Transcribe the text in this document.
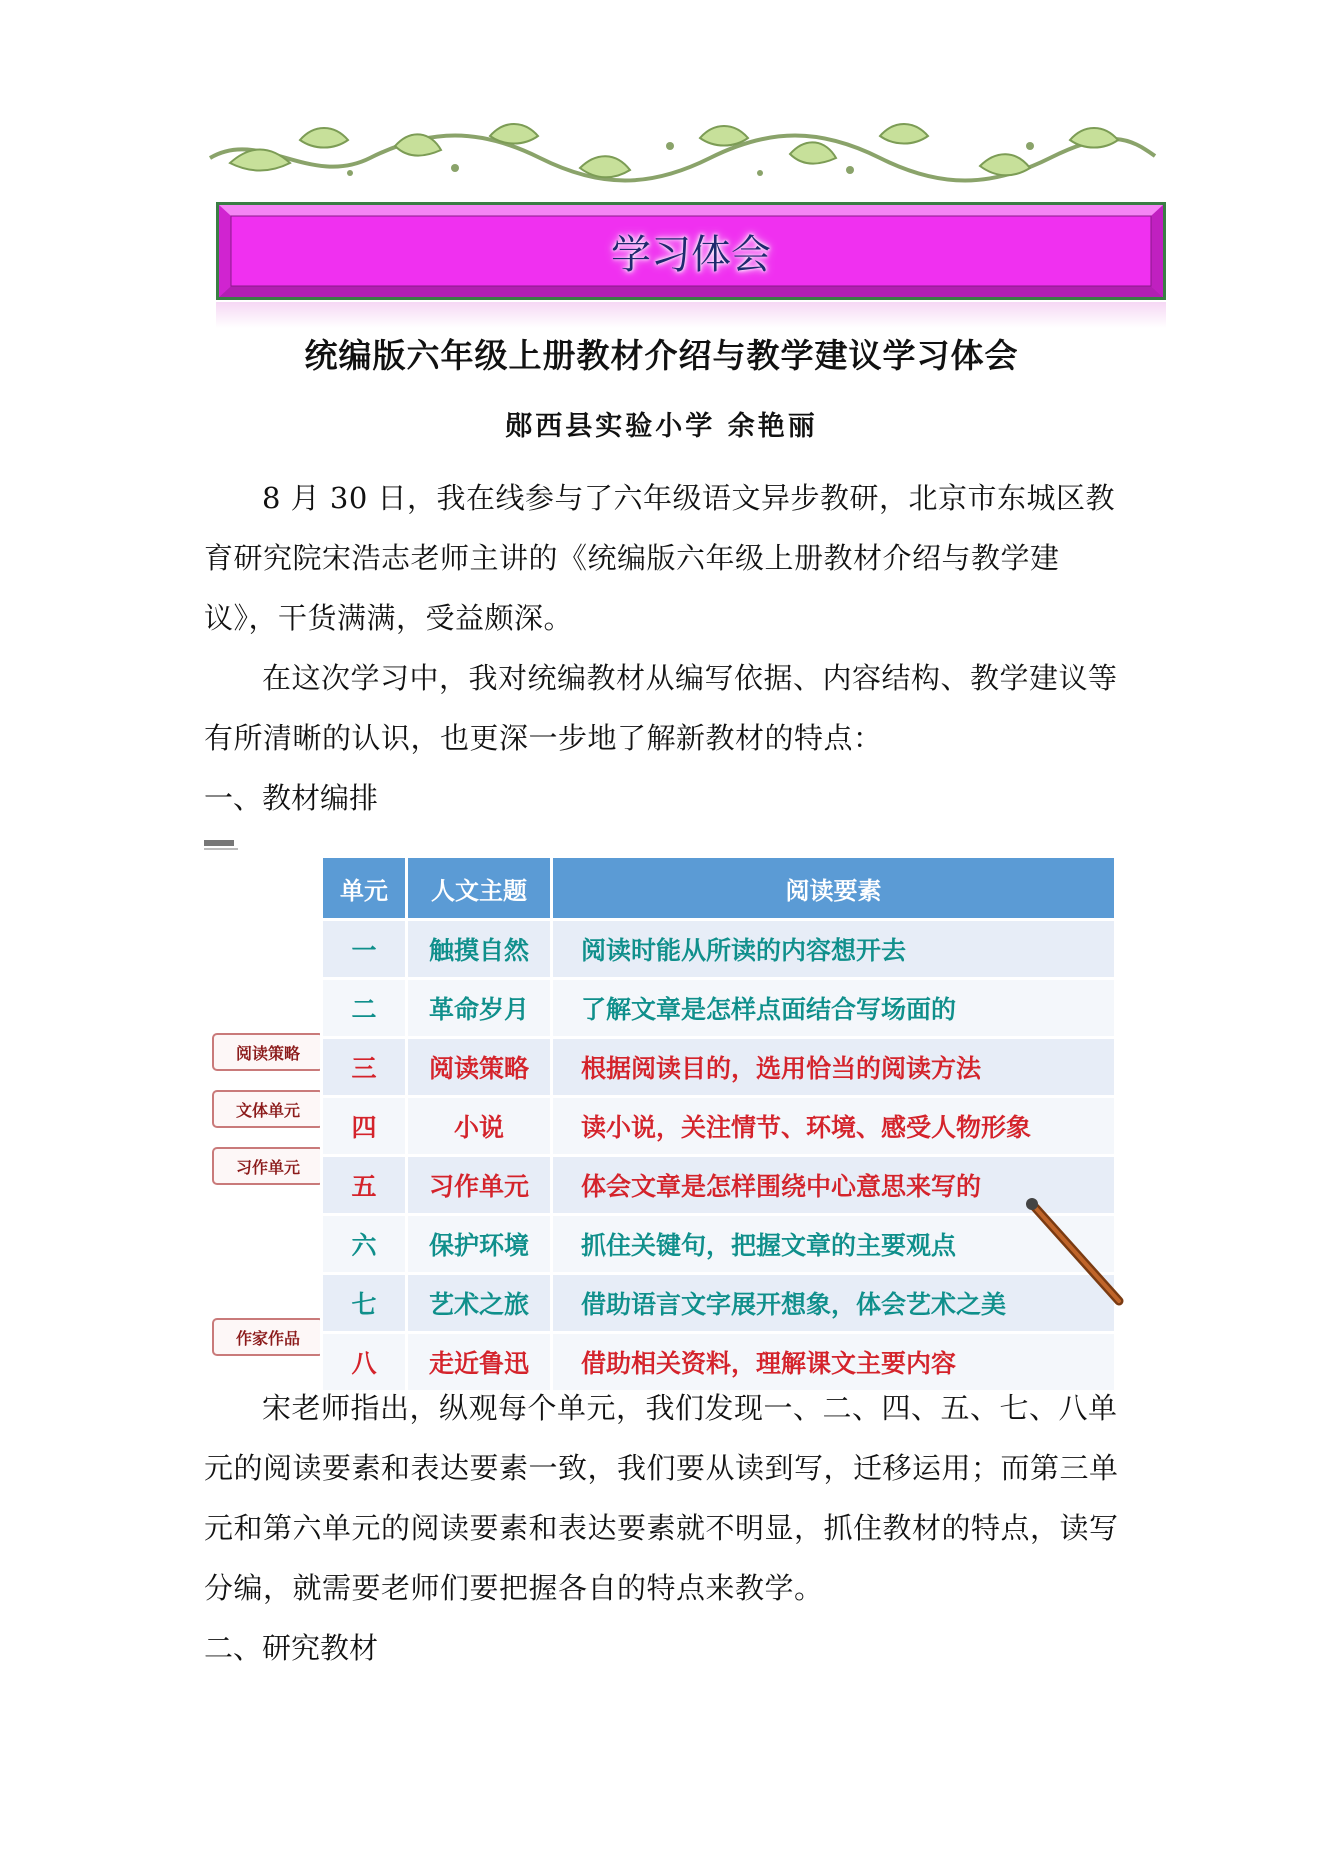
学习体会
统编版六年级上册教材介绍与教学建议学习体会
郧西县实验小学 余艳丽

8 月 30 日，我在线参与了六年级语文异步教研，北京市东城区教育研究院宋浩志老师主讲的《统编版六年级上册教材介绍与教学建议》，干货满满，受益颇深。

在这次学习中，我对统编教材从编写依据、内容结构、教学建议等有所清晰的认识，也更深一步地了解新教材的特点：

一、教材编排

阅读策略
文体单元
习作单元
作家作品
单元	人文主题	阅读要素
一	触摸自然	阅读时能从所读的内容想开去
二	革命岁月	了解文章是怎样点面结合写场面的
三	阅读策略	根据阅读目的，选用恰当的阅读方法
四	小说	读小说，关注情节、环境、感受人物形象
五	习作单元	体会文章是怎样围绕中心意思来写的
六	保护环境	抓住关键句，把握文章的主要观点
七	艺术之旅	借助语言文字展开想象，体会艺术之美
八	走近鲁迅	借助相关资料，理解课文主要内容

宋老师指出，纵观每个单元，我们发现一、二、四、五、七、八单元的阅读要素和表达要素一致，我们要从读到写，迁移运用；而第三单元和第六单元的阅读要素和表达要素就不明显，抓住教材的特点，读写分编，就需要老师们要把握各自的特点来教学。

二、研究教材
